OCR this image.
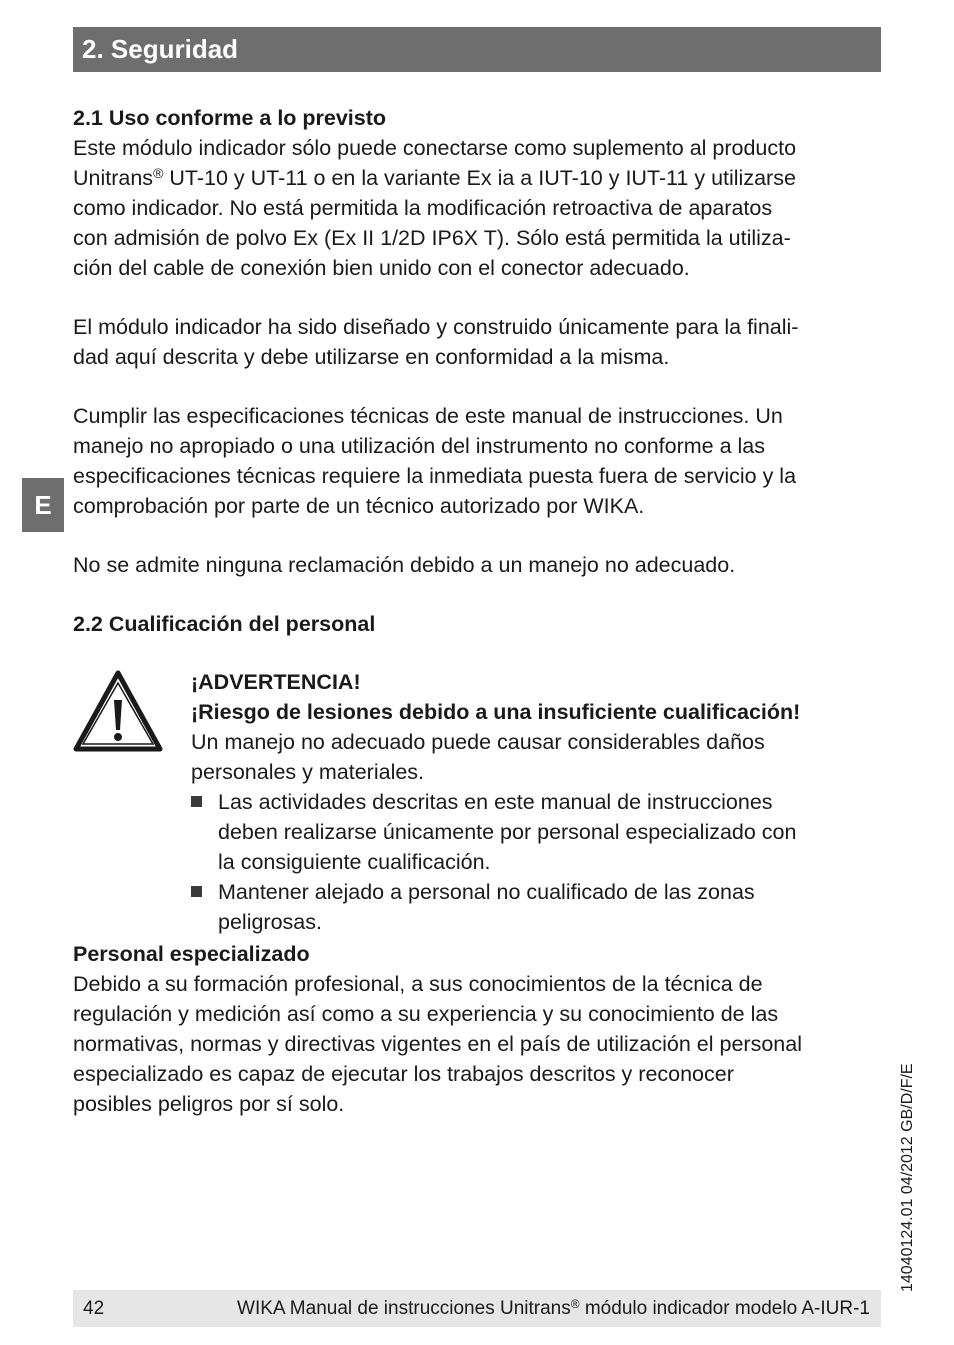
2. Seguridad
E
2.1 Uso conforme a lo previsto

Este módulo indicador sólo puede conectarse como suplemento al producto
Unitrans® UT-10 y UT-11 o en la variante Ex ia a IUT-10 y IUT-11 y utilizarse
como indicador. No está permitida la modificación retroactiva de aparatos
con admisión de polvo Ex (Ex II 1/2D IP6X T). Sólo está permitida la utiliza-
ción del cable de conexión bien unido con el conector adecuado.

El módulo indicador ha sido diseñado y construido únicamente para la finali-
dad aquí descrita y debe utilizarse en conformidad a la misma.

Cumplir las especificaciones técnicas de este manual de instrucciones. Un
manejo no apropiado o una utilización del instrumento no conforme a las
especificaciones técnicas requiere la inmediata puesta fuera de servicio y la
comprobación por parte de un técnico autorizado por WIKA.

No se admite ninguna reclamación debido a un manejo no adecuado.

2.2 Cualificación del personal

¡ADVERTENCIA!

¡Riesgo de lesiones debido a una insuficiente cualificación!

Un manejo no adecuado puede causar considerables daños
personales y materiales.

Las actividades descritas en este manual de instrucciones
deben realizarse únicamente por personal especializado con
la consiguiente cualificación.
Mantener alejado a personal no cualificado de las zonas
peligrosas.
Personal especializado

Debido a su formación profesional, a sus conocimientos de la técnica de
regulación y medición así como a su experiencia y su conocimiento de las
normativas, normas y directivas vigentes en el país de utilización el personal
especializado es capaz de ejecutar los trabajos descritos y reconocer
posibles peligros por sí solo.	14040124.01 04/2012 GB/D/F/E
42	WIKA Manual de instrucciones Unitrans® módulo indicador modelo A-IUR-1
